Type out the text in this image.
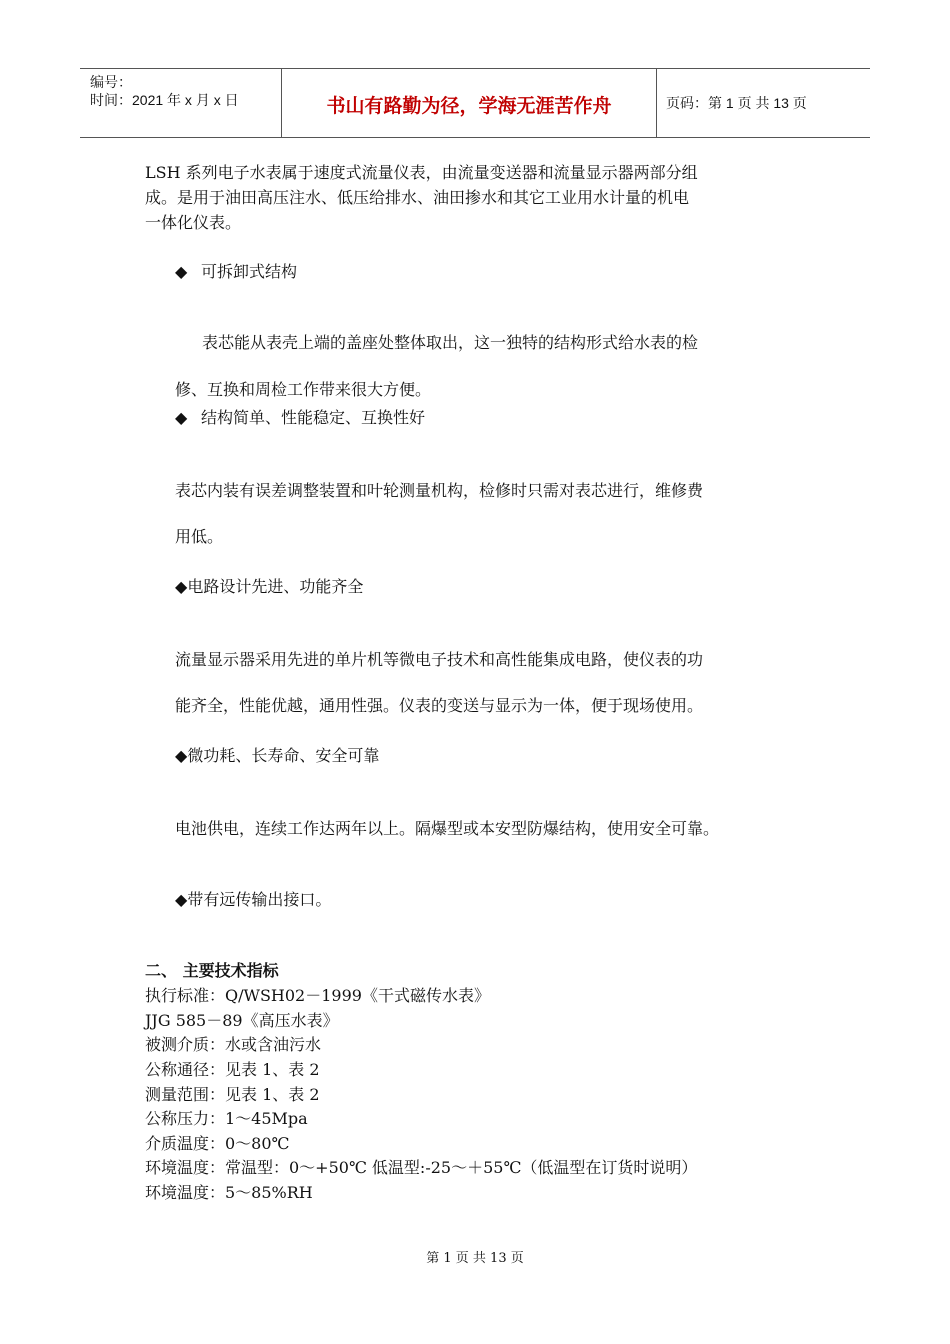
编号：
时间：2021 年 x 月 x 日	书山有路勤为径，学海无涯苦作舟	页码：第 1 页 共 13 页
LSH 系列电子水表属于速度式流量仪表，由流量变送器和流量显示器两部分组
成。是用于油田高压注水、低压给排水、油田掺水和其它工业用水计量的机电
一体化仪表。
◆ 可拆卸式结构
表芯能从表壳上端的盖座处整体取出，这一独特的结构形式给水表的检
修、互换和周检工作带来很大方便。
◆ 结构简单、性能稳定、互换性好
表芯内装有误差调整装置和叶轮测量机构，检修时只需对表芯进行，维修费
用低。
◆电路设计先进、功能齐全
流量显示器采用先进的单片机等微电子技术和高性能集成电路，使仪表的功
能齐全，性能优越，通用性强。仪表的变送与显示为一体，便于现场使用。
◆微功耗、长寿命、安全可靠
电池供电，连续工作达两年以上。隔爆型或本安型防爆结构，使用安全可靠。
◆带有远传输出接口。
二、 主要技术指标
执行标准：Q/WSH02－1999《干式磁传水表》
JJG 585－89《高压水表》
被测介质：水或含油污水
公称通径：见表 1、表 2
测量范围：见表 1、表 2
公称压力：1～45Mpa
介质温度：0～80℃
环境温度：常温型：0～+50℃ 低温型:-25～＋55℃（低温型在订货时说明）
环境温度：5～85%RH
第 1 页 共 13 页
